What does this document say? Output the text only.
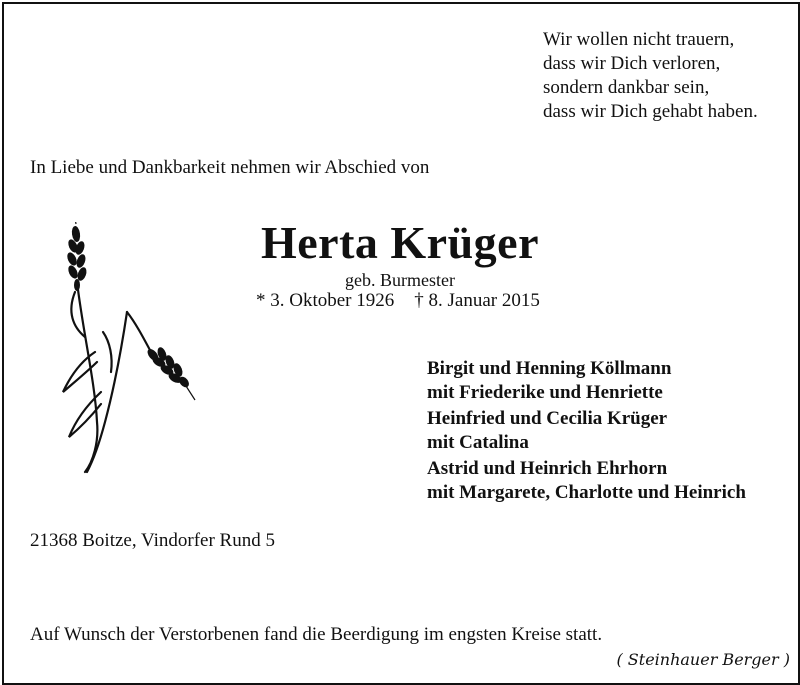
Wir wollen nicht trauern,
dass wir Dich verloren,
sondern dankbar sein,
dass wir Dich gehabt haben.
In Liebe und Dankbarkeit nehmen wir Abschied von
Herta Krüger
geb. Burmester
* 3. Oktober 1926 † 8. Januar 2015
Birgit und Henning Köllmann
mit Friederike und Henriette
Heinfried und Cecilia Krüger
mit Catalina
Astrid und Heinrich Ehrhorn
mit Margarete, Charlotte und Heinrich
21368 Boitze, Vindorfer Rund 5
Auf Wunsch der Verstorbenen fand die Beerdigung im engsten Kreise statt.
( Steinhauer Berger )
